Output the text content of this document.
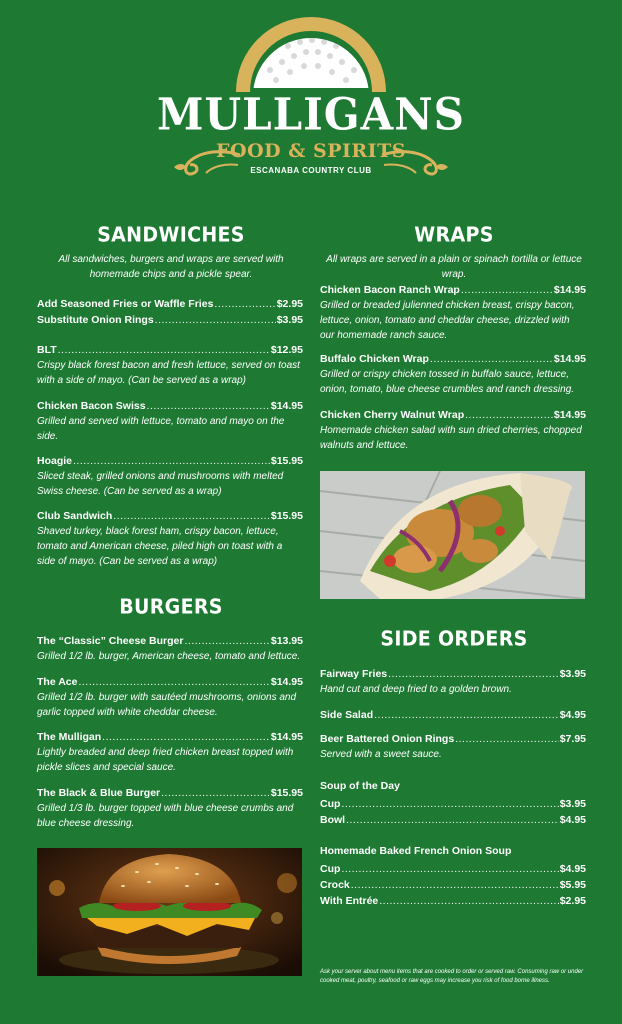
MULLIGANS
FOOD & SPIRITS
ESCANABA COUNTRY CLUB
SANDWICHES
All sandwiches, burgers and wraps are served with homemade chips and a pickle spear.
Add Seasoned Fries or Waffle Fries .....	$2.95
Substitute Onion Rings .....	$3.95
BLT .....	$12.95
Crispy black forest bacon and fresh lettuce, served on toast with a side of mayo. (Can be served as a wrap)
Chicken Bacon Swiss .....	$14.95
Grilled and served with lettuce, tomato and mayo on the side.
Hoagie .....	$15.95
Sliced steak, grilled onions and mushrooms with melted Swiss cheese. (Can be served as a wrap)
Club Sandwich .....	$15.95
Shaved turkey, black forest ham, crispy bacon, lettuce, tomato and American cheese, piled high on toast with a side of mayo. (Can be served as a wrap)
BURGERS
The “Classic” Cheese Burger .....	$13.95
Grilled 1/2 lb. burger, American cheese, tomato and lettuce.
The Ace .....	$14.95
Grilled 1/2 lb. burger with sautéed mushrooms, onions and garlic topped with white cheddar cheese.
The Mulligan .....	$14.95
Lightly breaded and deep fried chicken breast topped with pickle slices and special sauce.
The Black & Blue Burger .....	$15.95
Grilled 1/3 lb. burger topped with blue cheese crumbs and blue cheese dressing.
WRAPS
All wraps are served in a plain or spinach tortilla or lettuce wrap.
Chicken Bacon Ranch Wrap .....	$14.95
Grilled or breaded julienned chicken breast, crispy bacon, lettuce, onion, tomato and cheddar cheese, drizzled with our homemade ranch sauce.
Buffalo Chicken Wrap .....	$14.95
Grilled or crispy chicken tossed in buffalo sauce, lettuce, onion, tomato, blue cheese crumbles and ranch dressing.
Chicken Cherry Walnut Wrap .....	$14.95
Homemade chicken salad with sun dried cherries, chopped walnuts and lettuce.
SIDE ORDERS
Fairway Fries .....	$3.95
Hand cut and deep fried to a golden brown.
Side Salad .....	$4.95
Beer Battered Onion Rings .....	$7.95
Served with a sweet sauce.
Soup of the Day
Cup .....	$3.95
Bowl .....	$4.95
Homemade Baked French Onion Soup
Cup .....	$4.95
Crock .....	$5.95
With Entrée .....	$2.95
Ask your server about menu items that are cooked to order or served raw. Consuming raw or under cooked meat, poultry, seafood or raw eggs may increase you risk of food borne illness.
